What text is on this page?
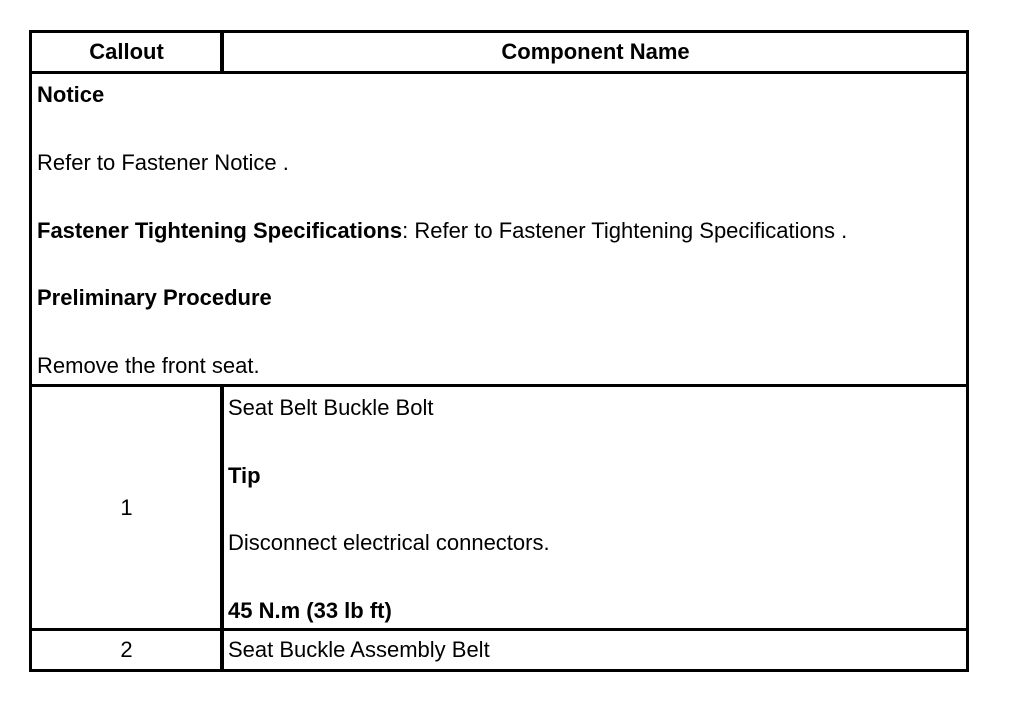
Callout	Component Name
Notice
Refer to Fastener Notice .
Fastener Tightening Specifications: Refer to Fastener Tightening Specifications .
Preliminary Procedure
Remove the front seat.
1
Seat Belt Buckle Bolt
Tip
Disconnect electrical connectors.
45 N.m (33 lb ft)
2	Seat Buckle Assembly Belt
